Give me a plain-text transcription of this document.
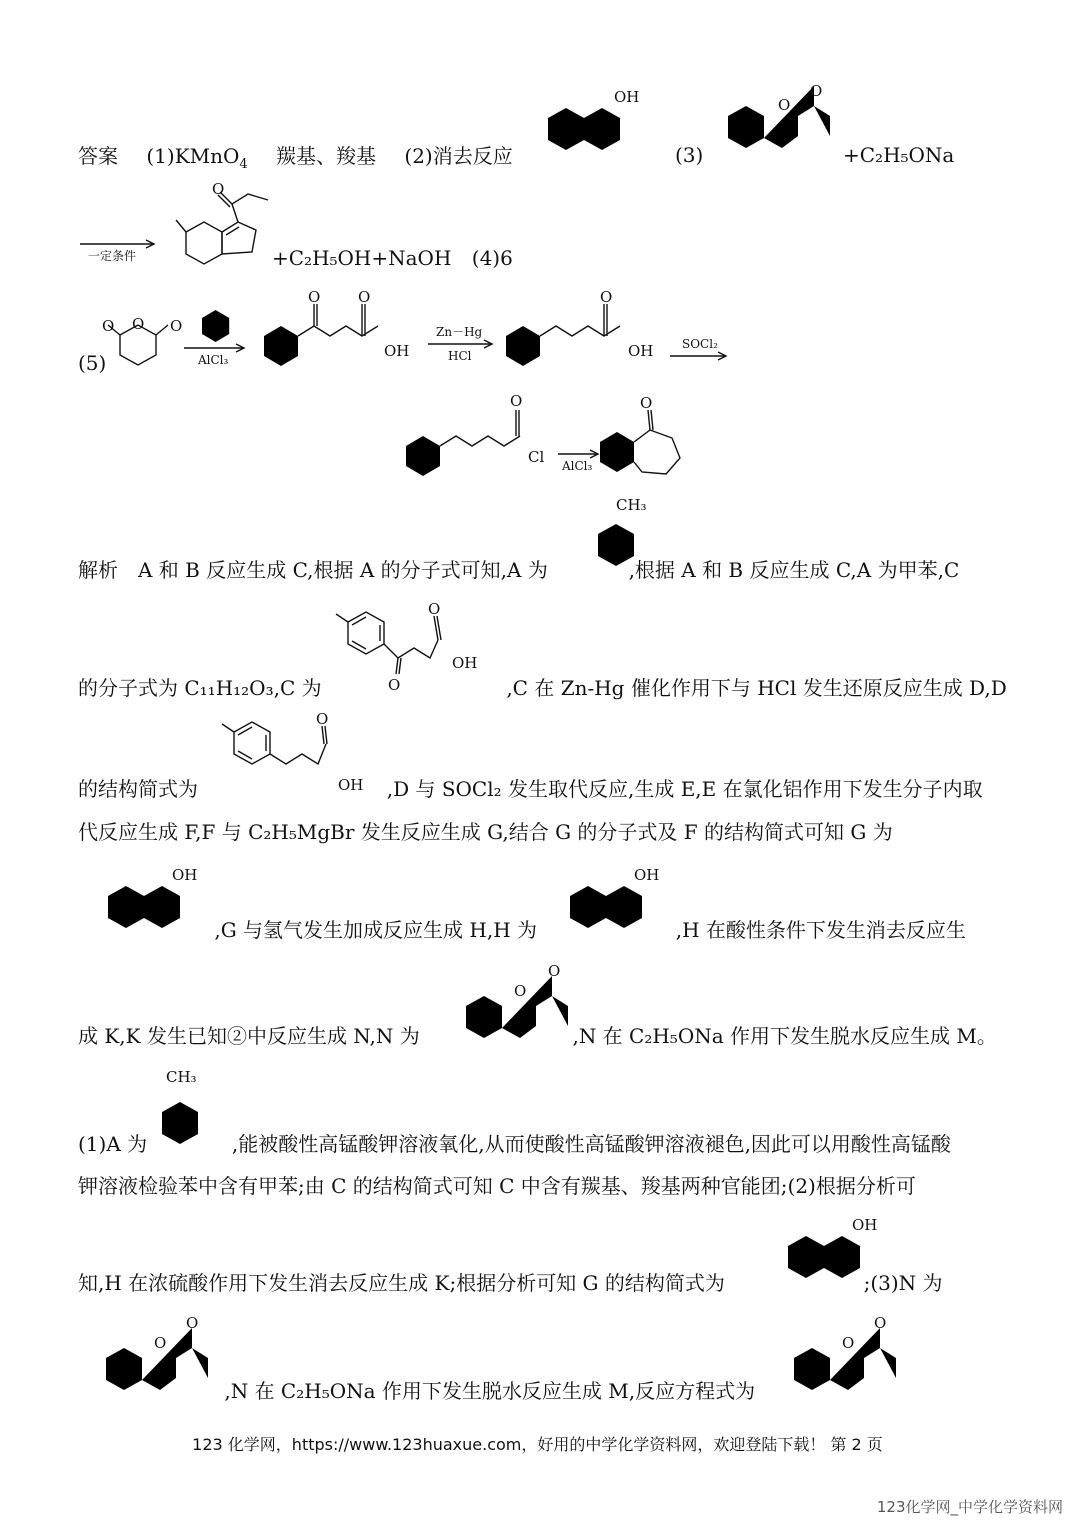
答案 (1)KMnO$_4$ 羰基、羧基 (2)消去反应
OH
(3)
O
O
+C₂H₅ONa
一定条件
O
+C₂H₅OH+NaOH (4)6
(5)
O O O
AlCl₃
O	O
OH
Zn－Hg
HCl
O
OH SOCl₂
O
Cl AlCl₃
O
解析　A 和 B 反应生成 C,根据 A 的分子式可知,A 为	,根据 A 和 B 反应生成 C,A 为甲苯,C
CH₃
的分子式为 C₁₁H₁₂O₃,C 为	,C 在 Zn-Hg 催化作用下与 HCl 发生还原反应生成 D,D
O
OH
O
的结构简式为	,D 与 SOCl₂ 发生取代反应,生成 E,E 在氯化铝作用下发生分子内取
O
OH
代反应生成 F,F 与 C₂H₅MgBr 发生反应生成 G,结合 G 的分子式及 F 的结构简式可知 G 为
,G 与氢气发生加成反应生成 H,H 为	,H 在酸性条件下发生消去反应生
OH	OH
成 K,K 发生已知②中反应生成 N,N 为	,N 在 C₂H₅ONa 作用下发生脱水反应生成 M。
O
O
(1)A 为	,能被酸性高锰酸钾溶液氧化,从而使酸性高锰酸钾溶液褪色,因此可以用酸性高锰酸
CH₃
钾溶液检验苯中含有甲苯;由 C 的结构简式可知 C 中含有羰基、羧基两种官能团;(2)根据分析可
知,H 在浓硫酸作用下发生消去反应生成 K;根据分析可知 G 的结构简式为	;(3)N 为
OH
,N 在 C₂H₅ONa 作用下发生脱水反应生成 M,反应方程式为
O
O
O
O
123 化学网，https://www.123huaxue.com，好用的中学化学资料网，欢迎登陆下载！ 第 2 页
123化学网_中学化学资料网
